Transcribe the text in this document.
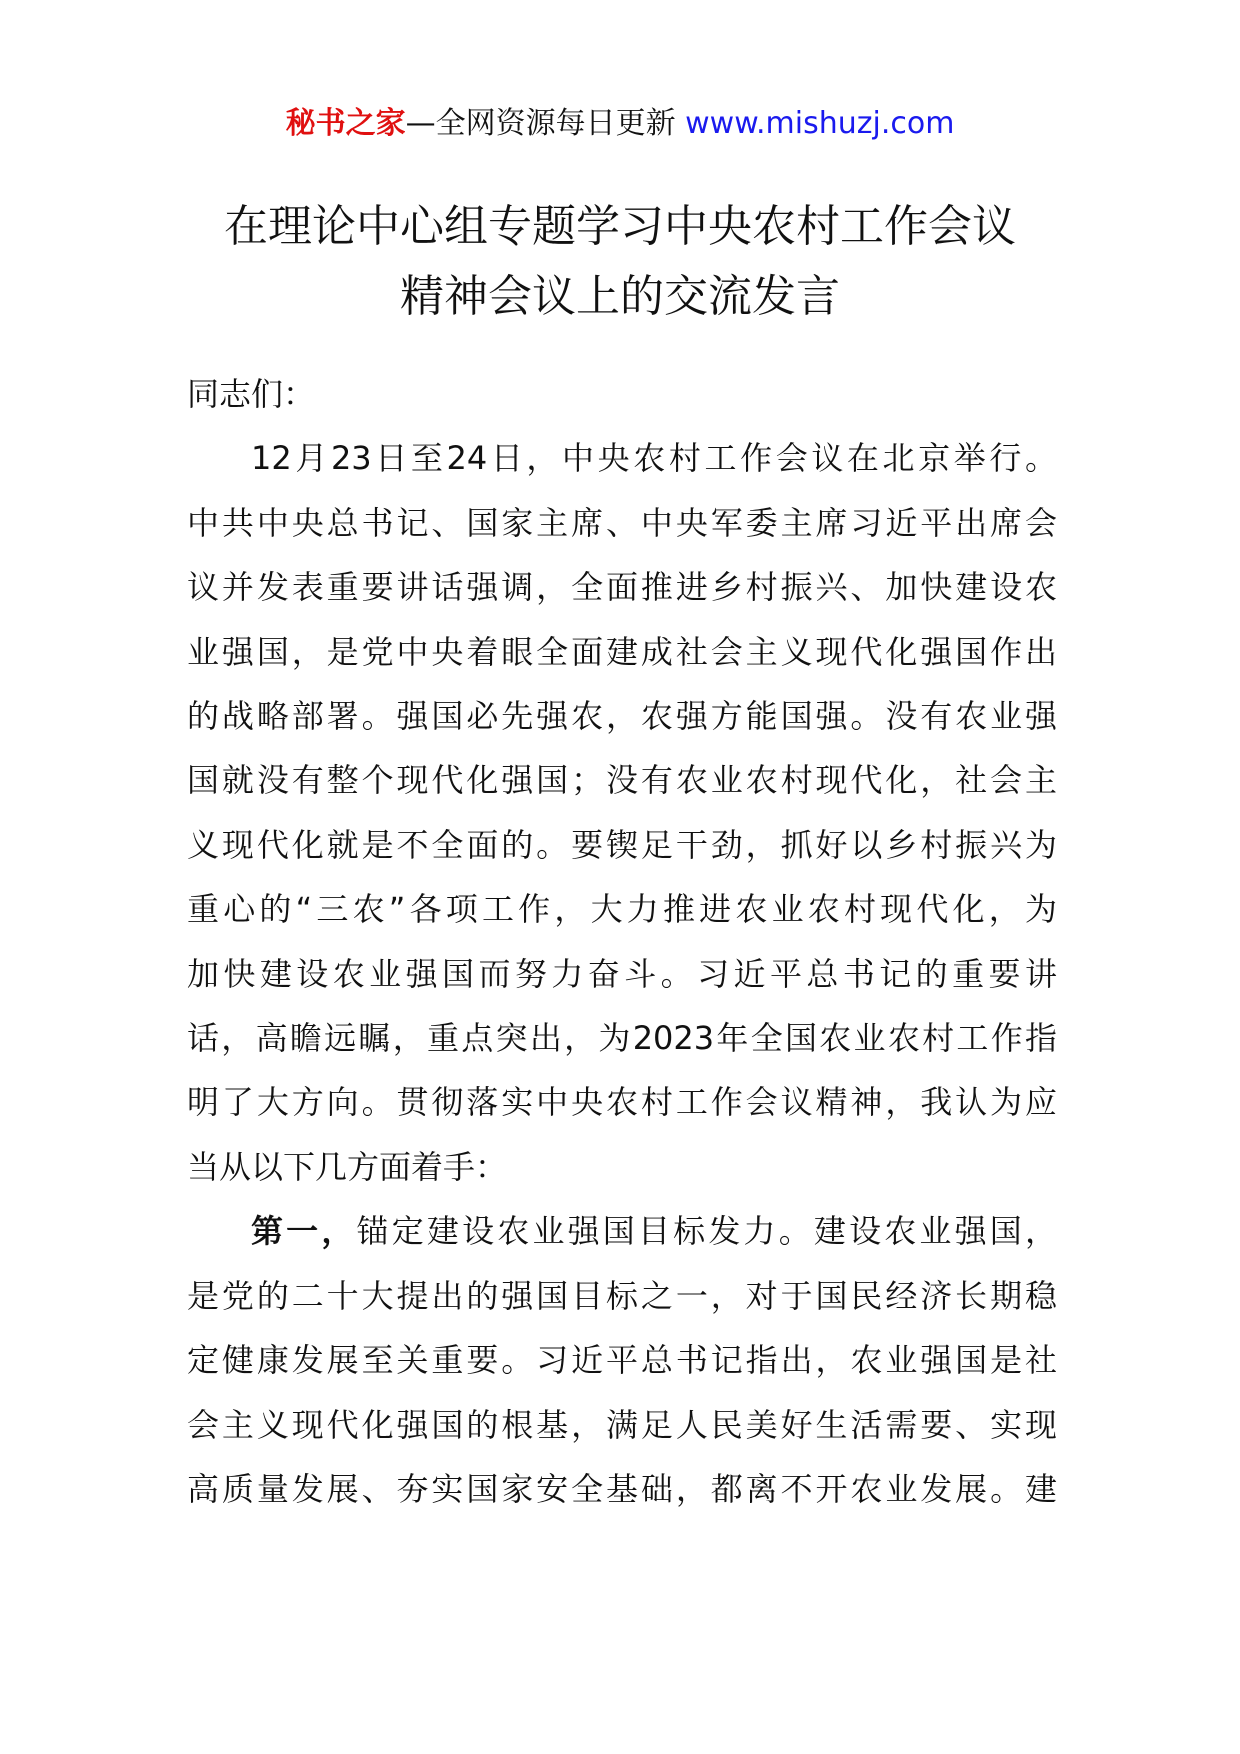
秘书之家—全网资源每日更新 www.mishuzj.com
在理论中心组专题学习中央农村工作会议
精神会议上的交流发言

同志们：

12月23日至24日，中央农村工作会议在北京举行。
中共中央总书记、国家主席、中央军委主席习近平出席会
议并发表重要讲话强调，全面推进乡村振兴、加快建设农
业强国，是党中央着眼全面建成社会主义现代化强国作出
的战略部署。强国必先强农，农强方能国强。没有农业强
国就没有整个现代化强国；没有农业农村现代化，社会主
义现代化就是不全面的。要锲足干劲，抓好以乡村振兴为
重心的“三农”各项工作，大力推进农业农村现代化，为
加快建设农业强国而努力奋斗。习近平总书记的重要讲
话，高瞻远瞩，重点突出，为2023年全国农业农村工作指
明了大方向。贯彻落实中央农村工作会议精神，我认为应
当从以下几方面着手：
第一，锚定建设农业强国目标发力。建设农业强国，
是党的二十大提出的强国目标之一，对于国民经济长期稳
定健康发展至关重要。习近平总书记指出，农业强国是社
会主义现代化强国的根基，满足人民美好生活需要、实现
高质量发展、夯实国家安全基础，都离不开农业发展。建
